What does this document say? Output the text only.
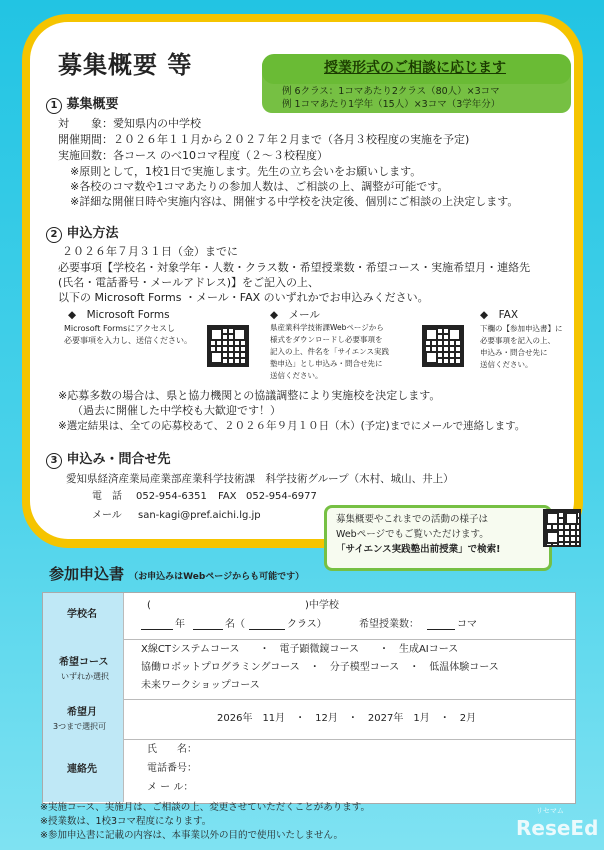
募集概要 等	授業形式のご相談に応じます
例 6クラス：1コマあたり2クラス（80人）×3コマ
例 1コマあたり1学年（15人）×3コマ（3学年分）
1 募集概要
対　　象：愛知県内の中学校
開催期間：２０２６年１１月から２０２７年２月まで（各月３校程度の実施を予定)
実施回数：各コース のべ10コマ程度（２～３校程度）
※原則として，1校1日で実施します。先生の立ち会いをお願いします。
※各校のコマ数や1コマあたりの参加人数は、ご相談の上、調整が可能です。
※詳細な開催日時や実施内容は、開催する中学校を決定後、個別にご相談の上決定します。
2 申込方法
２０２６年７月３１日（金）までに
必要事項【学校名・対象学年・人数・クラス数・希望授業数・希望コース・実施希望月・連絡先
(氏名・電話番号・メールアドレス)】をご記入の上、
以下の Microsoft Forms ・メール・FAX のいずれかでお申込みください。
◆　Microsoft Forms
Microsoft Formsにアクセスし
必要事項を入力し、送信ください。
◆　メール
県産業科学技術課Webページから
様式をダウンロードし必要事項を
記入の上、件名を「サイエンス実践
塾申込」とし申込み・問合せ先に
送信ください。
◆　FAX
下欄の【参加申込書】に
必要事項を記入の上、
申込み・問合せ先に
送信ください。
※応募多数の場合は、県と協力機関との協議調整により実施校を決定します。
（過去に開催した中学校も大歓迎です！）
※選定結果は、全ての応募校あて、２０２６年９月１０日（木）(予定)までにメールで連絡します。
3 申込み・問合せ先
愛知県経済産業局産業部産業科学技術課　科学技術グループ（木村、城山、井上）
電　話 052-954-6351 FAX 052-954-6977
メール san-kagi@pref.aichi.lg.jp	募集概要やこれまでの活動の様子は
Webページでもご覧いただけます。
「サイエンス実践塾出前授業」で検索!
参加申込書 （お申込みはWebページからも可能です）
学校名
(	)中学校
年	名（	クラス）	希望授業数：	コマ
希望コース
いずれか選択
X線CTシステムコース　　・　電子顕微鏡コース　　・　生成AIコース
協働ロボットプログラミングコース　・　分子模型コース　・　低温体験コース
未来ワークショップコース
希望月
3つまで選択可
2026年　11月　・　12月　・　2027年　1月　・　2月
連絡先
氏　　名：
電話番号：
メ ー ル：
※実施コース、実施月は、ご相談の上、変更させていただくことがあります。
※授業数は、1校3コマ程度になります。
※参加申込書に記載の内容は、本事業以外の目的で使用いたしません。
リセマム
ReseEd
